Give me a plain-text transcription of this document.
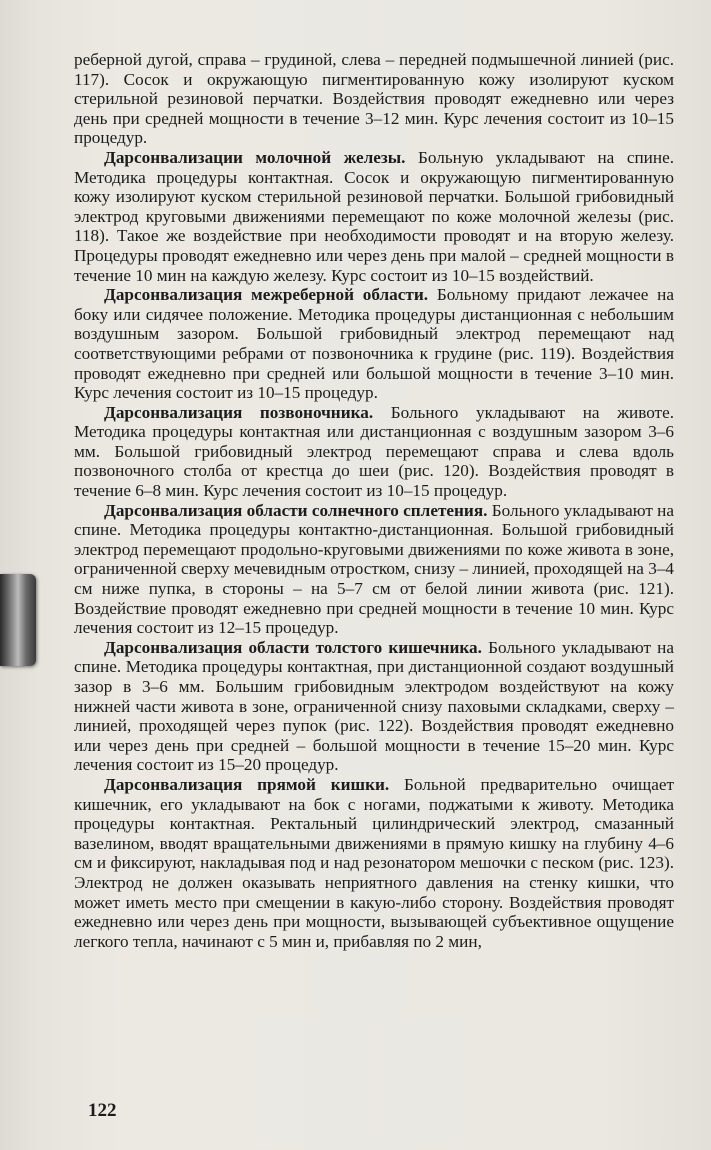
реберной дугой, справа – грудиной, слева – передней подмышечной линией (рис. 117). Сосок и окружающую пигментированную кожу изолируют куском стерильной резиновой перчатки. Воздействия проводят ежедневно или через день при средней мощности в течение 3–12 мин. Курс лечения состоит из 10–15 процедур.

Дарсонвализации молочной железы. Больную укладывают на спине. Методика процедуры контактная. Сосок и окружающую пигментированную кожу изолируют куском стерильной резиновой перчатки. Большой грибовидный электрод круговыми движениями перемещают по коже молочной железы (рис. 118). Такое же воздействие при необходимости проводят и на вторую железу. Процедуры проводят ежедневно или через день при малой – средней мощности в течение 10 мин на каждую железу. Курс состоит из 10–15 воздействий.

Дарсонвализация межреберной области. Больному придают лежачее на боку или сидячее положение. Методика процедуры дистанционная с небольшим воздушным зазором. Большой грибовидный электрод перемещают над соответствующими ребрами от позвоночника к грудине (рис. 119). Воздействия проводят ежедневно при средней или большой мощности в течение 3–10 мин. Курс лечения состоит из 10–15 процедур.

Дарсонвализация позвоночника. Больного укладывают на животе. Методика процедуры контактная или дистанционная с воздушным зазором 3–6 мм. Большой грибовидный электрод перемещают справа и слева вдоль позвоночного столба от крестца до шеи (рис. 120). Воздействия проводят в течение 6–8 мин. Курс лечения состоит из 10–15 процедур.

Дарсонвализация области солнечного сплетения. Больного укладывают на спине. Методика процедуры контактно-дистанционная. Большой грибовидный электрод перемещают продольно-круговыми движениями по коже живота в зоне, ограниченной сверху мечевидным отростком, снизу – линией, проходящей на 3–4 см ниже пупка, в стороны – на 5–7 см от белой линии живота (рис. 121). Воздействие проводят ежедневно при средней мощности в течение 10 мин. Курс лечения состоит из 12–15 процедур.

Дарсонвализация области толстого кишечника. Больного укладывают на спине. Методика процедуры контактная, при дистанционной создают воздушный зазор в 3–6 мм. Большим грибовидным электродом воздействуют на кожу нижней части живота в зоне, ограниченной снизу паховыми складками, сверху – линией, проходящей через пупок (рис. 122). Воздействия проводят ежедневно или через день при средней – большой мощности в течение 15–20 мин. Курс лечения состоит из 15–20 процедур.

Дарсонвализация прямой кишки. Больной предварительно очищает кишечник, его укладывают на бок с ногами, поджатыми к животу. Методика процедуры контактная. Ректальный цилиндрический электрод, смазанный вазелином, вводят вращательными движениями в прямую кишку на глубину 4–6 см и фиксируют, накладывая под и над резонатором мешочки с песком (рис. 123). Электрод не должен оказывать неприятного давления на стенку кишки, что может иметь место при смещении в какую-либо сторону. Воздействия проводят ежедневно или через день при мощности, вызывающей субъективное ощущение легкого тепла, начинают с 5 мин и, прибавляя по 2 мин,

122
